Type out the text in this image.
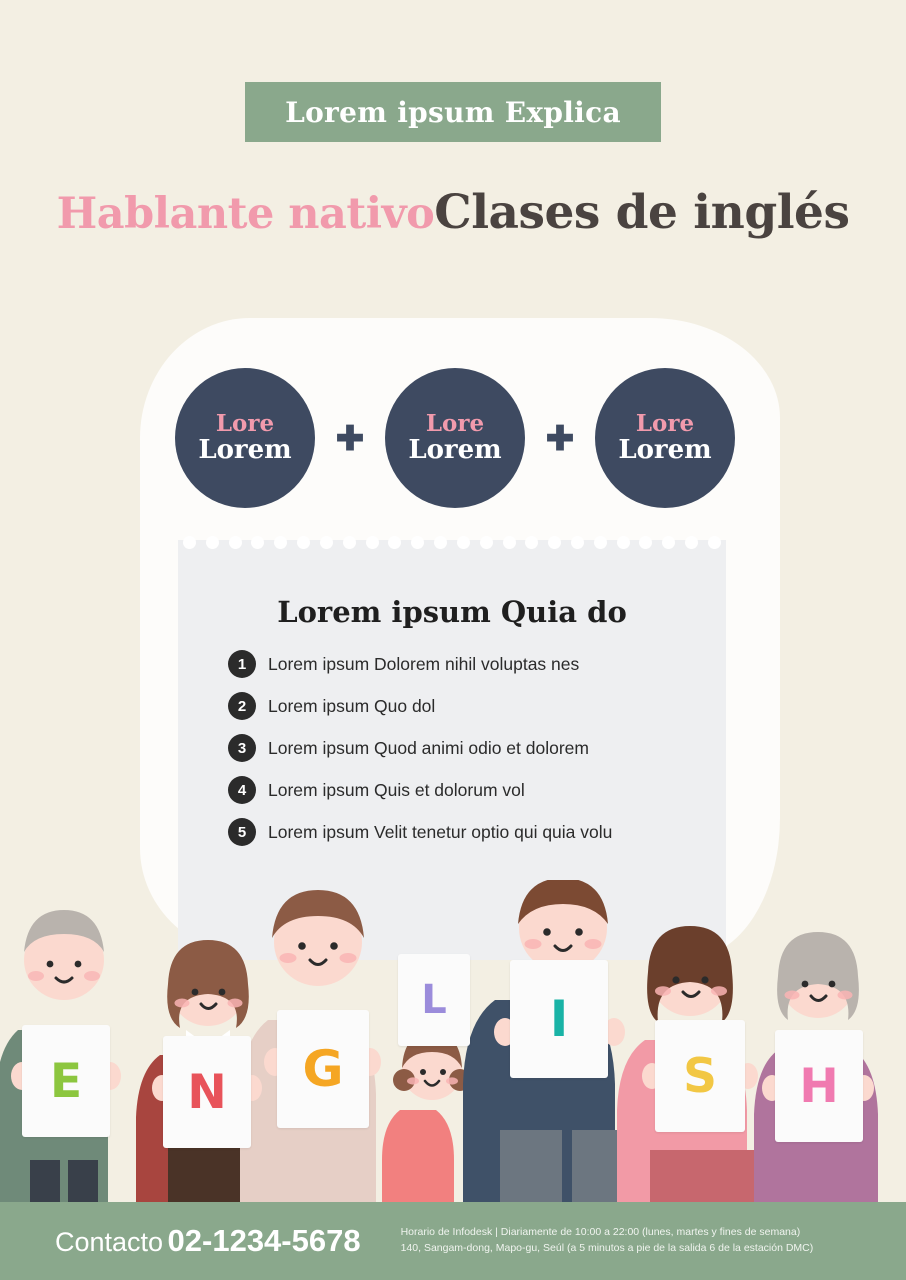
Lorem ipsum Explica
Hablante nativoClases de inglés
Lore
Lorem ✚	Lore
Lorem ✚	Lore
Lorem
Lorem ipsum Quia do
1	Lorem ipsum Dolorem nihil voluptas nes
2	Lorem ipsum Quo dol
3	Lorem ipsum Quod animi odio et dolorem
4	Lorem ipsum Quis et dolorum vol
5	Lorem ipsum Velit tenetur optio qui quia volu
E	N	G
L	I
S	H
Contacto 02-1234-5678	Horario de Infodesk | Diariamente de 10:00 a 22:00 (lunes, martes y fines de semana)
140, Sangam-dong, Mapo-gu, Seúl (a 5 minutos a pie de la salida 6 de la estación DMC)
